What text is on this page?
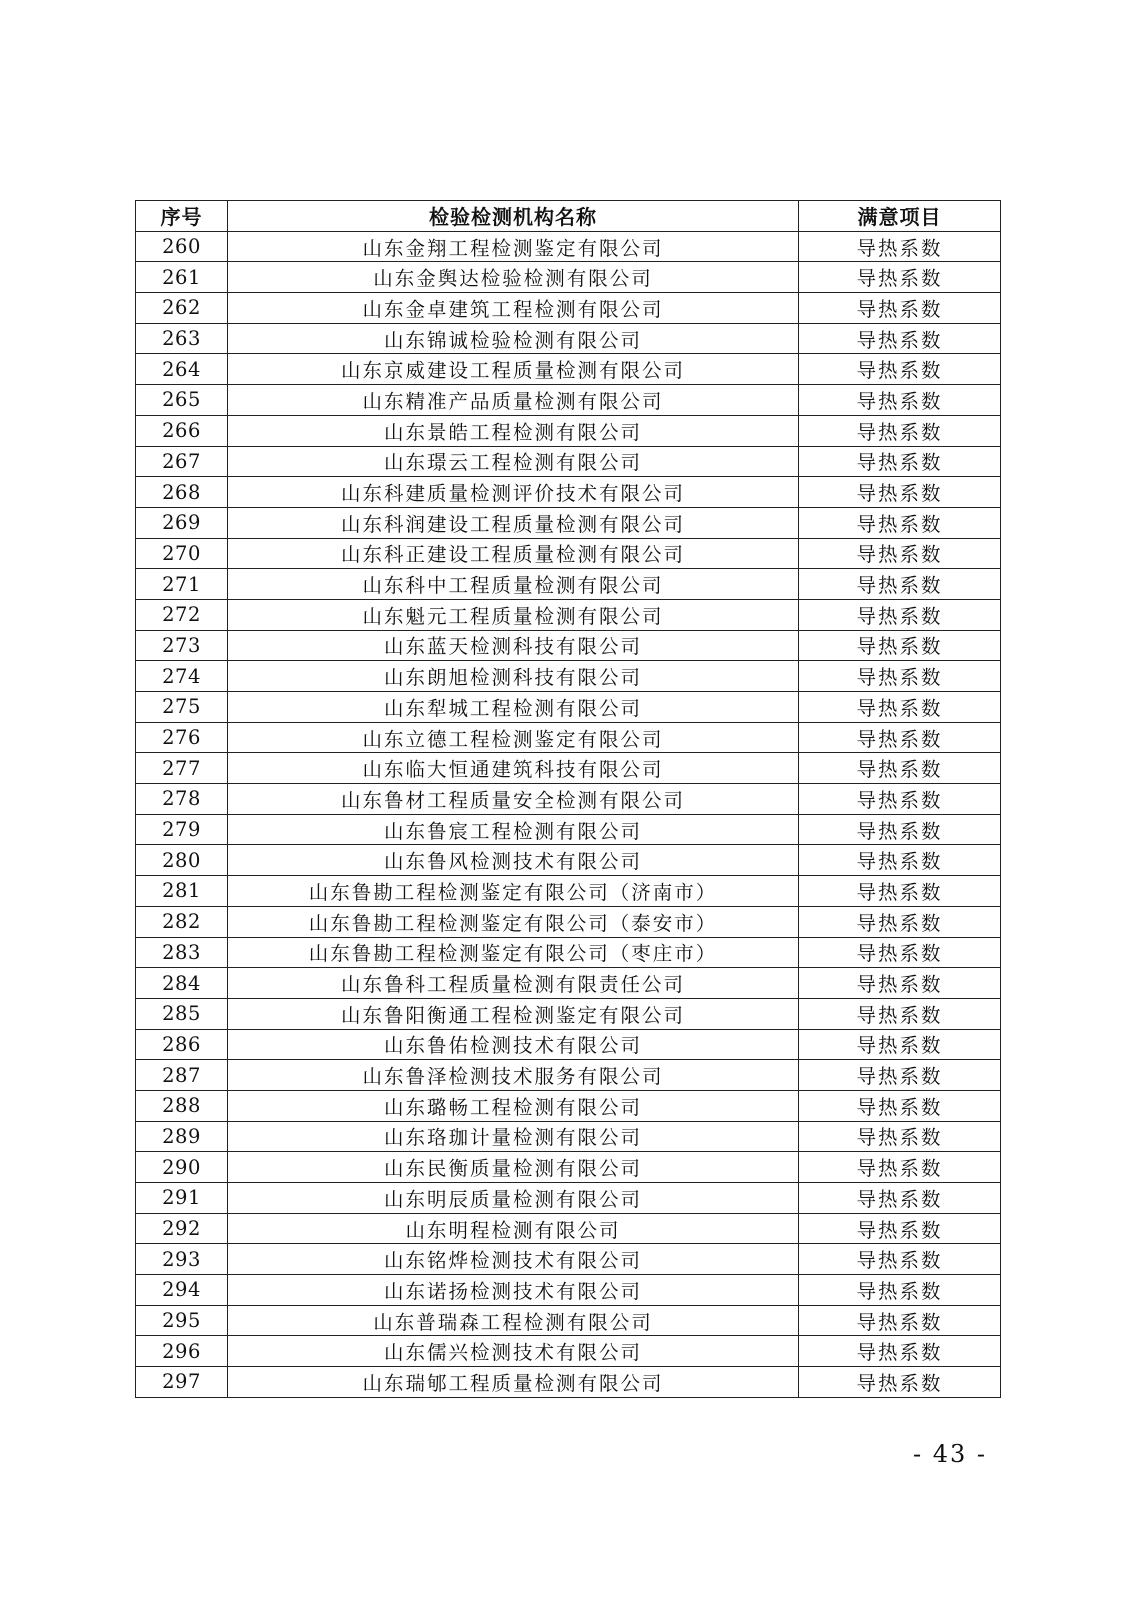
序号	检验检测机构名称	满意项目
260	山东金翔工程检测鉴定有限公司	导热系数
261	山东金舆达检验检测有限公司	导热系数
262	山东金卓建筑工程检测有限公司	导热系数
263	山东锦诚检验检测有限公司	导热系数
264	山东京威建设工程质量检测有限公司	导热系数
265	山东精准产品质量检测有限公司	导热系数
266	山东景皓工程检测有限公司	导热系数
267	山东璟云工程检测有限公司	导热系数
268	山东科建质量检测评价技术有限公司	导热系数
269	山东科润建设工程质量检测有限公司	导热系数
270	山东科正建设工程质量检测有限公司	导热系数
271	山东科中工程质量检测有限公司	导热系数
272	山东魁元工程质量检测有限公司	导热系数
273	山东蓝天检测科技有限公司	导热系数
274	山东朗旭检测科技有限公司	导热系数
275	山东犁城工程检测有限公司	导热系数
276	山东立德工程检测鉴定有限公司	导热系数
277	山东临大恒通建筑科技有限公司	导热系数
278	山东鲁材工程质量安全检测有限公司	导热系数
279	山东鲁宸工程检测有限公司	导热系数
280	山东鲁风检测技术有限公司	导热系数
281	山东鲁勘工程检测鉴定有限公司（济南市）	导热系数
282	山东鲁勘工程检测鉴定有限公司（泰安市）	导热系数
283	山东鲁勘工程检测鉴定有限公司（枣庄市）	导热系数
284	山东鲁科工程质量检测有限责任公司	导热系数
285	山东鲁阳衡通工程检测鉴定有限公司	导热系数
286	山东鲁佑检测技术有限公司	导热系数
287	山东鲁泽检测技术服务有限公司	导热系数
288	山东璐畅工程检测有限公司	导热系数
289	山东珞珈计量检测有限公司	导热系数
290	山东民衡质量检测有限公司	导热系数
291	山东明辰质量检测有限公司	导热系数
292	山东明程检测有限公司	导热系数
293	山东铭烨检测技术有限公司	导热系数
294	山东诺扬检测技术有限公司	导热系数
295	山东普瑞森工程检测有限公司	导热系数
296	山东儒兴检测技术有限公司	导热系数
297	山东瑞郇工程质量检测有限公司	导热系数
- 43 -
